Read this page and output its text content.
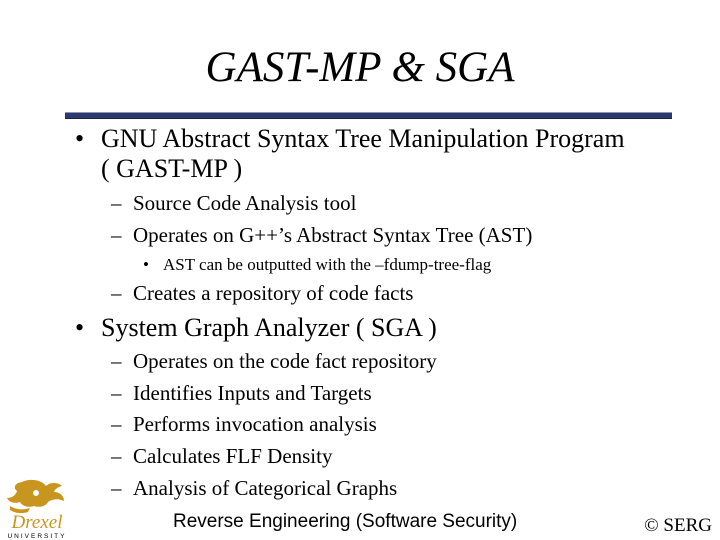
GAST-MP & SGA
• GNU Abstract Syntax Tree Manipulation Program
( GAST-MP )
– Source Code Analysis tool
– Operates on G++’s Abstract Syntax Tree (AST)
• AST can be outputted with the –fdump-tree-flag
– Creates a repository of code facts
• System Graph Analyzer ( SGA )
– Operates on the code fact repository
– Identifies Inputs and Targets
– Performs invocation analysis
– Calculates FLF Density
– Analysis of Categorical Graphs
Drexel
UNIVERSITY
Reverse Engineering (Software Security)	© SERG
